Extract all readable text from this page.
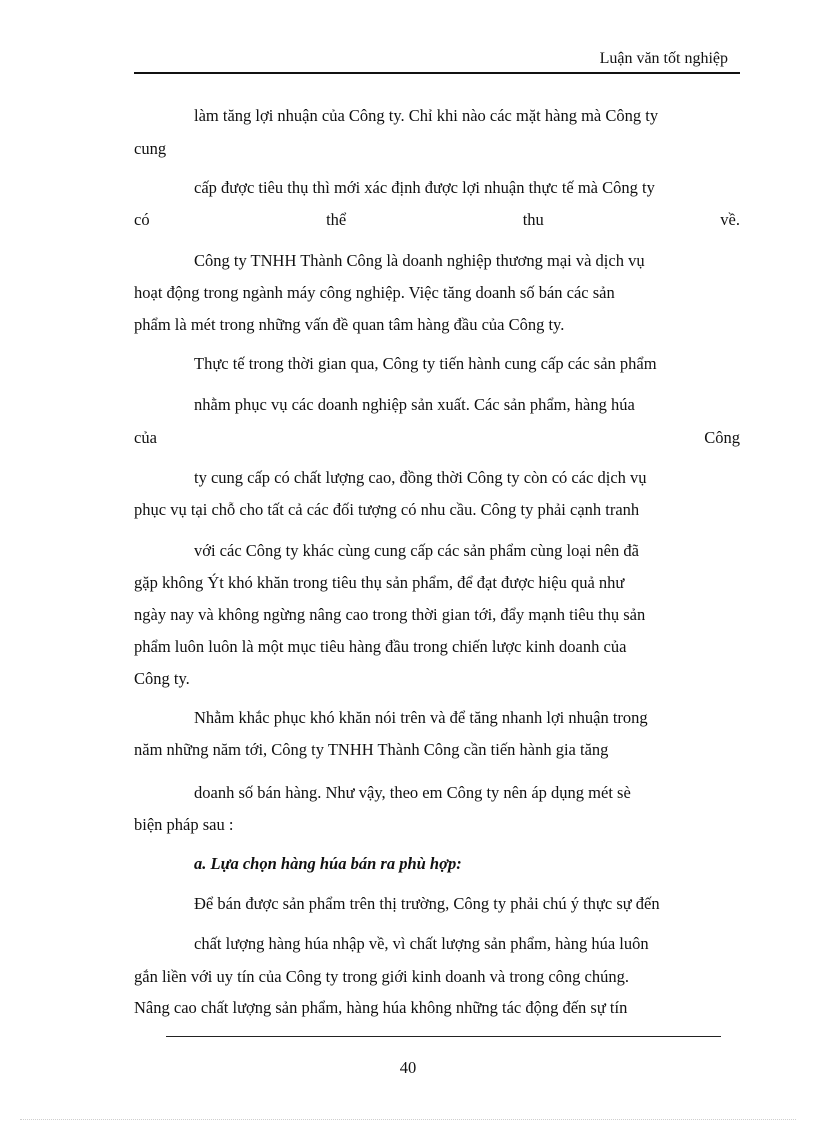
Luận văn tốt nghiệp
làm tăng lợi nhuận của Công ty. Chỉ khi nào các mặt hàng mà Công ty
cung
cấp được tiêu thụ thì mới xác định được lợi nhuận thực tế mà Công ty
có thể thu về.
Công ty TNHH Thành Công là doanh nghiệp thương mại và dịch vụ
hoạt động trong ngành máy công nghiệp. Việc tăng doanh số bán các sản
phẩm là mét trong những vấn đề quan tâm hàng đầu của Công ty.
Thực tế trong thời gian qua, Công ty tiến hành cung cấp các sản phẩm
nhằm phục vụ các doanh nghiệp sản xuất. Các sản phẩm, hàng húa
của Công
ty cung cấp có chất lượng cao, đồng thời Công ty còn có các dịch vụ
phục vụ tại chỗ cho tất cả các đối tượng có nhu cầu. Công ty phải cạnh tranh
với các Công ty khác cùng cung cấp các sản phẩm cùng loại nên đã
gặp không Ýt khó khăn trong tiêu thụ sản phẩm, để đạt được hiệu quả như
ngày nay và không ngừng nâng cao trong thời gian tới, đẩy mạnh tiêu thụ sản
phẩm luôn luôn là một mục tiêu hàng đầu trong chiến lược kinh doanh của
Công ty.
Nhằm khắc phục khó khăn nói trên và để tăng nhanh lợi nhuận trong
năm những năm tới, Công ty TNHH Thành Công cần tiến hành gia tăng
doanh số bán hàng. Như vậy, theo em Công ty nên áp dụng mét sè
biện pháp sau :
a. Lựa chọn hàng húa bán ra phù hợp:
Để bán được sản phẩm trên thị trường, Công ty phải chú ý thực sự đến
chất lượng hàng húa nhập về, vì chất lượng sản phẩm, hàng húa luôn
gắn liền với uy tín của Công ty trong giới kinh doanh và trong công chúng.
Nâng cao chất lượng sản phẩm, hàng húa không những tác động đến sự tín
40
